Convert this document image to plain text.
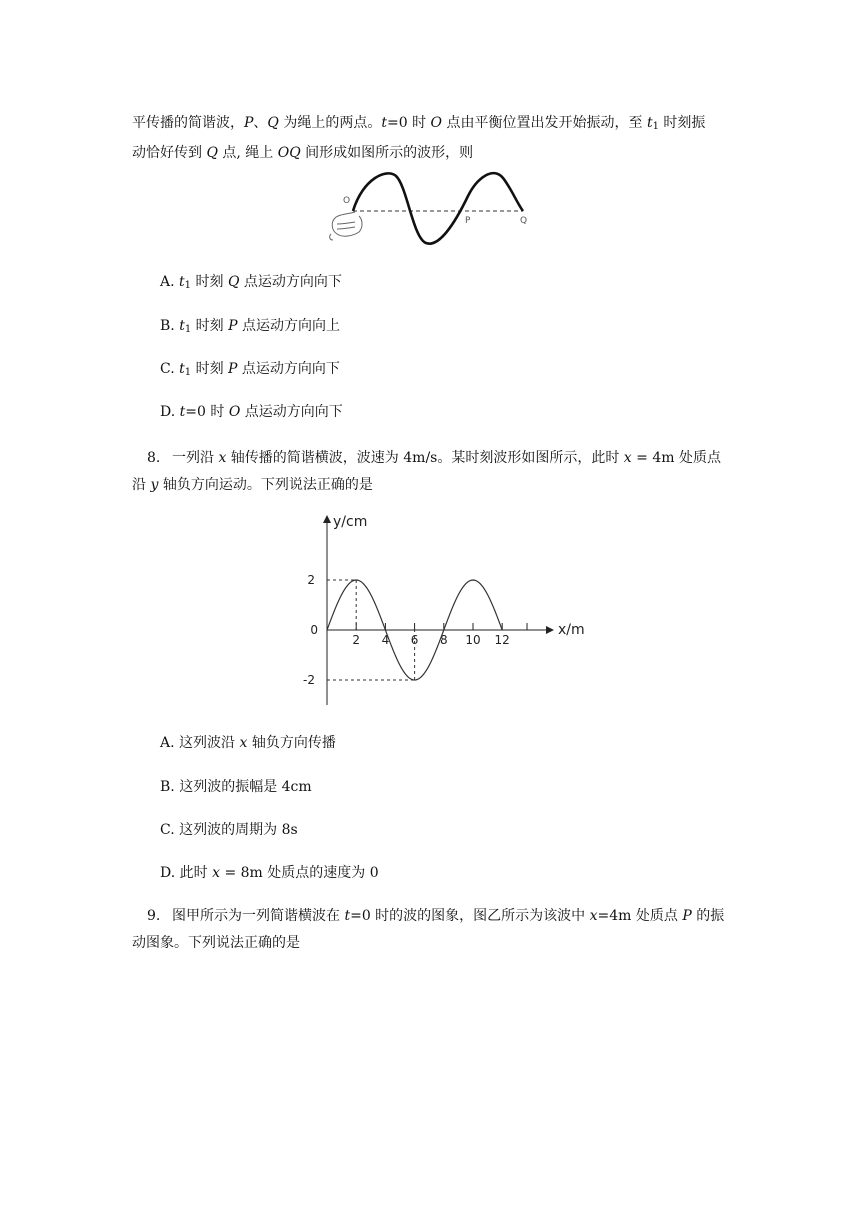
平传播的简谐波，P、Q 为绳上的两点。t=0 时 O 点由平衡位置出发开始振动，至 $t_1$ 时刻振
动恰好传到 Q 点, 绳上 OQ 间形成如图所示的波形，则
O
P	Q
A. $t_1$ 时刻 Q 点运动方向向下
B. $t_1$ 时刻 P 点运动方向向上
C. $t_1$ 时刻 P 点运动方向向下
D. t=0 时 O 点运动方向向下
8. 一列沿 x 轴传播的简谐横波，波速为 4m/s。某时刻波形如图所示，此时 x = 4m 处质点
沿 y 轴负方向运动。下列说法正确的是
2 4 6 8 10 12
2
0
-2
y/cm
x/m
A. 这列波沿 x 轴负方向传播
B. 这列波的振幅是 4cm
C. 这列波的周期为 8s
D. 此时 x = 8m 处质点的速度为 0
9. 图甲所示为一列简谐横波在 t=0 时的波的图象，图乙所示为该波中 x=4m 处质点 P 的振
动图象。下列说法正确的是
